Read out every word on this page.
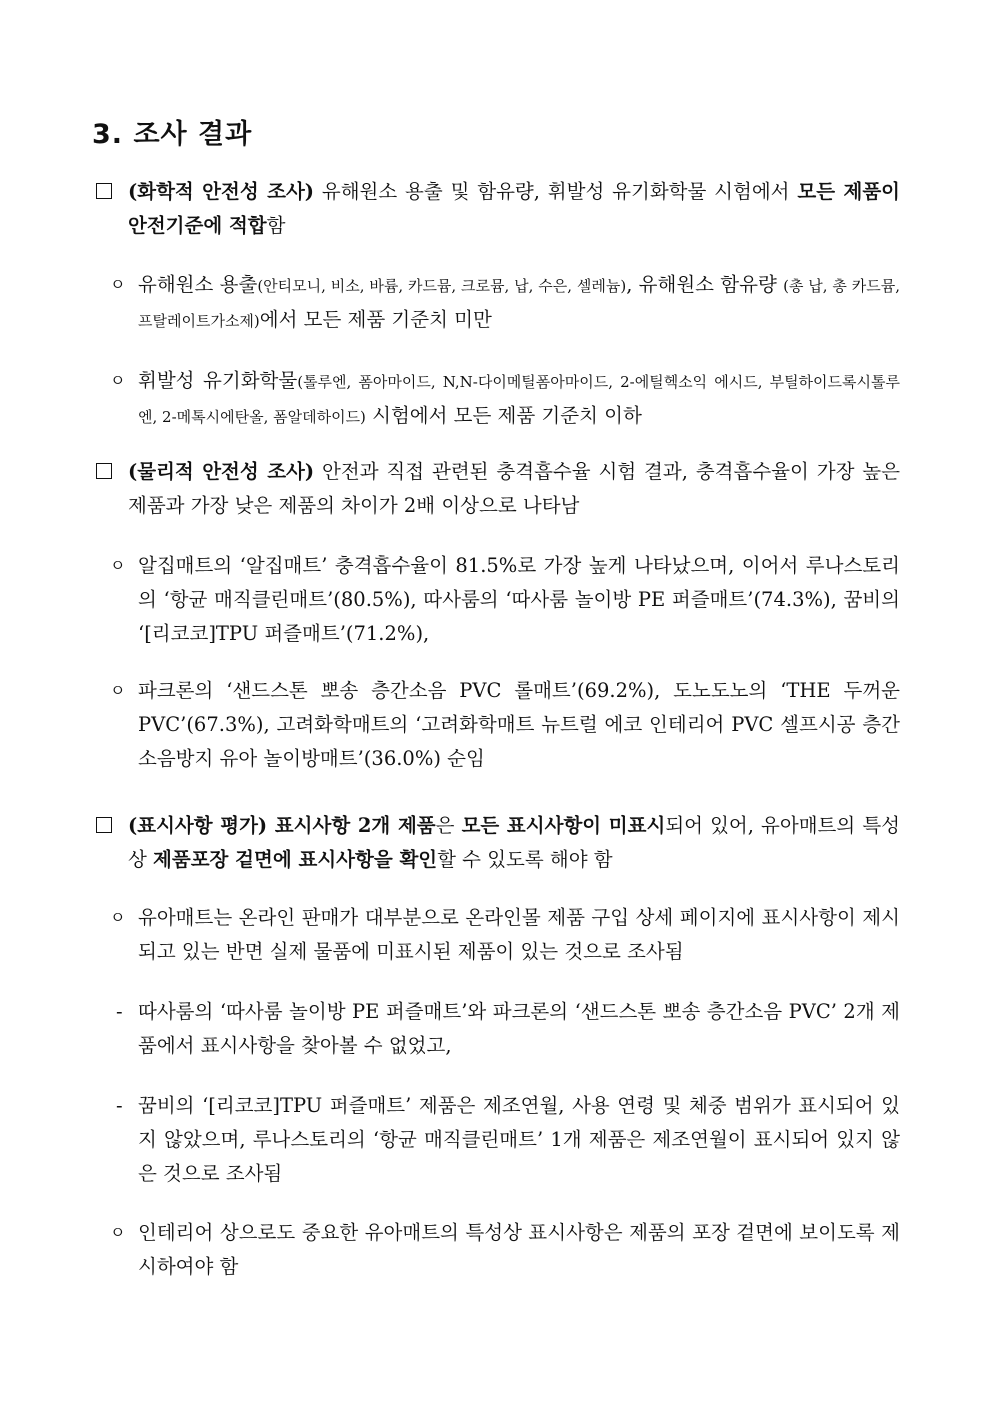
3. 조사 결과
(화학적 안전성 조사) 유해원소 용출 및 함유량, 휘발성 유기화학물 시험에서 모든 제품이 안전기준에 적합함
ㅇ 유해원소 용출(안티모니, 비소, 바륨, 카드뮴, 크로뮴, 납, 수은, 셀레늄), 유해원소 함유량 (총 납, 총 카드뮴, 프탈레이트가소제)에서 모든 제품 기준치 미만
ㅇ 휘발성 유기화학물(톨루엔, 폼아마이드, N,N-다이메틸폼아마이드, 2-에틸헥소익 에시드, 부틸하이드록시톨루엔, 2-메톡시에탄올, 폼알데하이드) 시험에서 모든 제품 기준치 이하
(물리적 안전성 조사) 안전과 직접 관련된 충격흡수율 시험 결과, 충격흡수율이 가장 높은 제품과 가장 낮은 제품의 차이가 2배 이상으로 나타남
ㅇ 알집매트의 ‘알집매트’ 충격흡수율이 81.5%로 가장 높게 나타났으며, 이어서 루나스토리의 ‘항균 매직클린매트’(80.5%), 따사룸의 ‘따사룸 놀이방 PE 퍼즐매트’(74.3%), 꿈비의 ‘[리코코]TPU 퍼즐매트’(71.2%),
ㅇ 파크론의 ‘샌드스톤 뽀송 층간소음 PVC 롤매트’(69.2%), 도노도노의 ‘THE 두꺼운 PVC’(67.3%), 고려화학매트의 ‘고려화학매트 뉴트럴 에코 인테리어 PVC 셀프시공 층간소음방지 유아 놀이방매트’(36.0%) 순임
(표시사항 평가) 표시사항 2개 제품은 모든 표시사항이 미표시되어 있어, 유아매트의 특성상 제품포장 겉면에 표시사항을 확인할 수 있도록 해야 함
ㅇ 유아매트는 온라인 판매가 대부분으로 온라인몰 제품 구입 상세 페이지에 표시사항이 제시되고 있는 반면 실제 물품에 미표시된 제품이 있는 것으로 조사됨
- 따사룸의 ‘따사룸 놀이방 PE 퍼즐매트’와 파크론의 ‘샌드스톤 뽀송 층간소음 PVC’ 2개 제품에서 표시사항을 찾아볼 수 없었고,
- 꿈비의 ‘[리코코]TPU 퍼즐매트’ 제품은 제조연월, 사용 연령 및 체중 범위가 표시되어 있지 않았으며, 루나스토리의 ‘항균 매직클린매트’ 1개 제품은 제조연월이 표시되어 있지 않은 것으로 조사됨
ㅇ 인테리어 상으로도 중요한 유아매트의 특성상 표시사항은 제품의 포장 겉면에 보이도록 제시하여야 함
